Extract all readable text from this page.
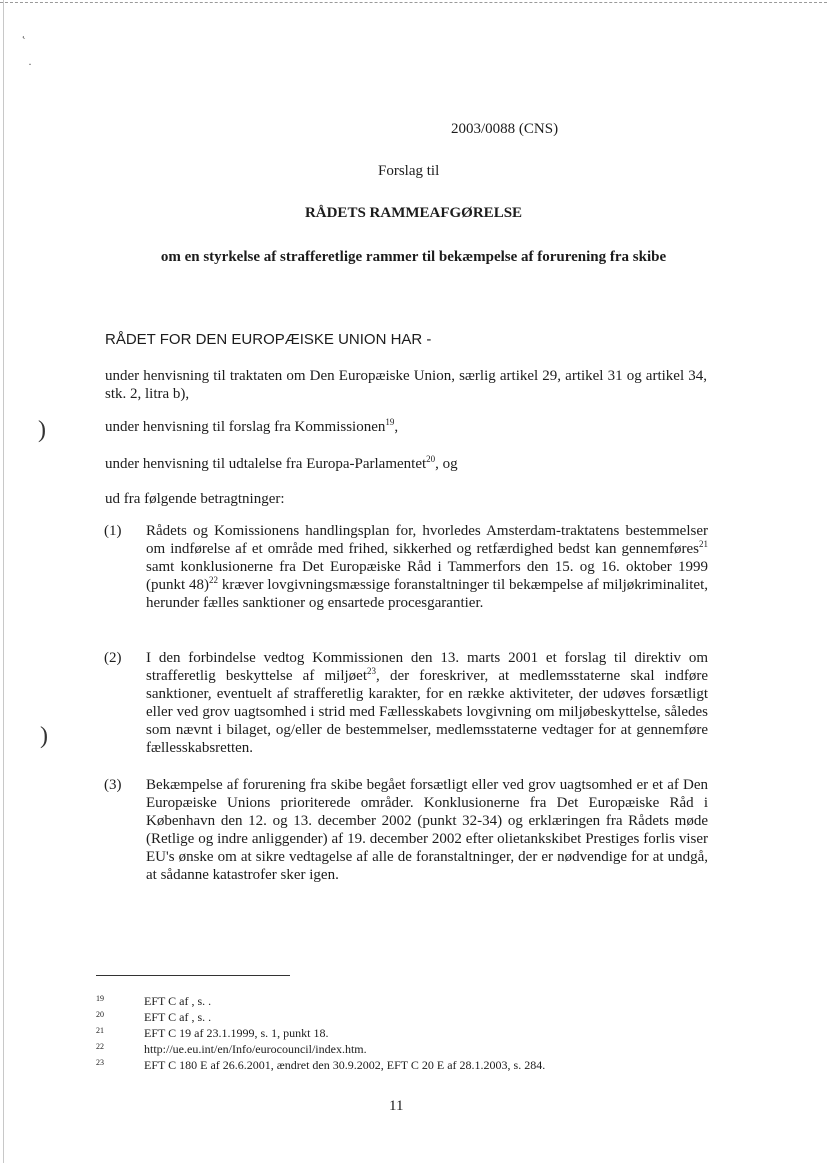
˛
·
)
)
2003/0088 (CNS)
Forslag til
RÅDETS RAMMEAFGØRELSE
om en styrkelse af strafferetlige rammer til bekæmpelse af forurening fra skibe
RÅDET FOR DEN EUROPÆISKE UNION HAR -
under henvisning til traktaten om Den Europæiske Union, særlig artikel 29, artikel 31 og artikel 34, stk. 2, litra b),
under henvisning til forslag fra Kommissionen$^{19}$,
under henvisning til udtalelse fra Europa-Parlamentet$^{20}$, og
ud fra følgende betragtninger:
(1) Rådets og Komissionens handlingsplan for, hvorledes Amsterdam-traktatens bestemmelser om indførelse af et område med frihed, sikkerhed og retfærdighed bedst kan gennemføres$^{21}$ samt konklusionerne fra Det Europæiske Råd i Tammerfors den 15. og 16. oktober 1999 (punkt 48)$^{22}$ kræver lovgivningsmæssige foranstaltninger til bekæmpelse af miljøkriminalitet, herunder fælles sanktioner og ensartede procesgarantier.
(2) I den forbindelse vedtog Kommissionen den 13. marts 2001 et forslag til direktiv om strafferetlig beskyttelse af miljøet$^{23}$, der foreskriver, at medlemsstaterne skal indføre sanktioner, eventuelt af strafferetlig karakter, for en række aktiviteter, der udøves forsætligt eller ved grov uagtsomhed i strid med Fællesskabets lovgivning om miljøbeskyttelse, således som nævnt i bilaget, og/eller de bestemmelser, medlemsstaterne vedtager for at gennemføre fællesskabsretten.
(3) Bekæmpelse af forurening fra skibe begået forsætligt eller ved grov uagtsomhed er et af Den Europæiske Unions prioriterede områder. Konklusionerne fra Det Europæiske Råd i København den 12. og 13. december 2002 (punkt 32-34) og erklæringen fra Rådets møde (Retlige og indre anliggender) af 19. december 2002 efter olietankskibet Prestiges forlis viser EU's ønske om at sikre vedtagelse af alle de foranstaltninger, der er nødvendige for at undgå, at sådanne katastrofer sker igen.
19	EFT C af , s. .
20	EFT C af , s. .
21	EFT C 19 af 23.1.1999, s. 1, punkt 18.
22	http://ue.eu.int/en/Info/eurocouncil/index.htm.
23	EFT C 180 E af 26.6.2001, ændret den 30.9.2002, EFT C 20 E af 28.1.2003, s. 284.
11
